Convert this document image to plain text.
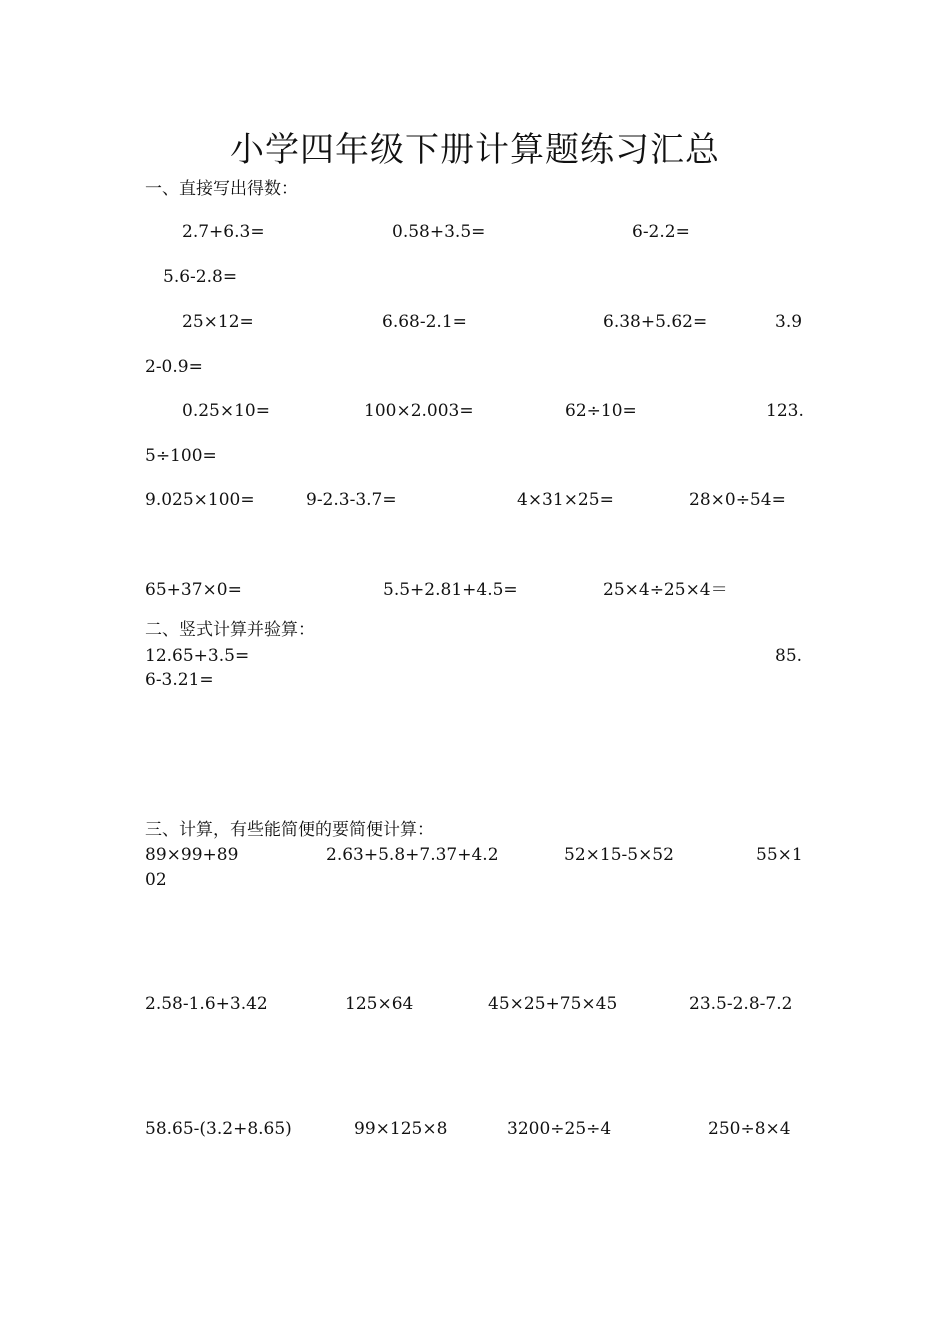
小学四年级下册计算题练习汇总
一、直接写出得数：
2.7+6.3=	0.58+3.5=	6-2.2=
5.6-2.8=
25×12=	6.68-2.1=	6.38+5.62=	3.9
2-0.9=
0.25×10=	100×2.003=	62÷10=	123.
5÷100=
9.025×100=	9-2.3-3.7=	4×31×25=	28×0÷54=
65+37×0=	5.5+2.81+4.5=	25×4÷25×4＝
二、竖式计算并验算：
12.65+3.5=	85.
6-3.21=
三、计算，有些能简便的要简便计算：
89×99+89	2.63+5.8+7.37+4.2	52×15-5×52	55×1
02
2.58-1.6+3.42	125×64	45×25+75×45	23.5-2.8-7.2
58.65-(3.2+8.65)	99×125×8	3200÷25÷4	250÷8×4
